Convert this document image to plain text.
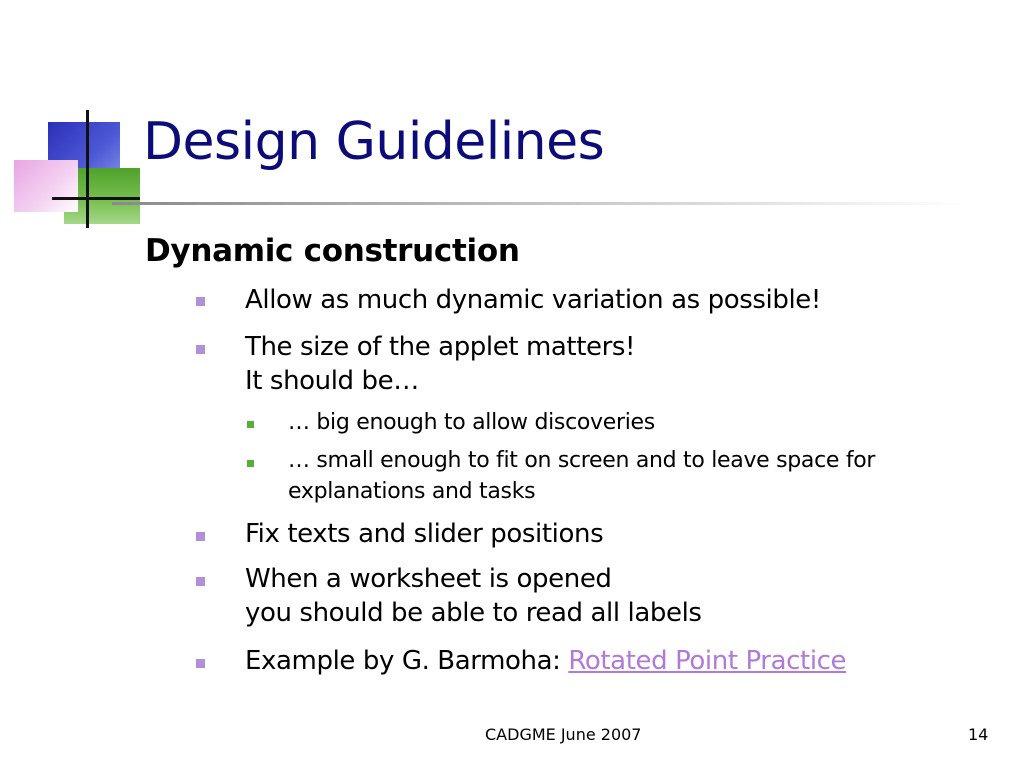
Design Guidelines
Dynamic construction
Allow as much dynamic variation as possible!
The size of the applet matters!
It should be…
… big enough to allow discoveries
… small enough to fit on screen and to leave space for
explanations and tasks
Fix texts and slider positions
When a worksheet is opened
you should be able to read all labels
Example by G. Barmoha: Rotated Point Practice
CADGME June 2007	14
